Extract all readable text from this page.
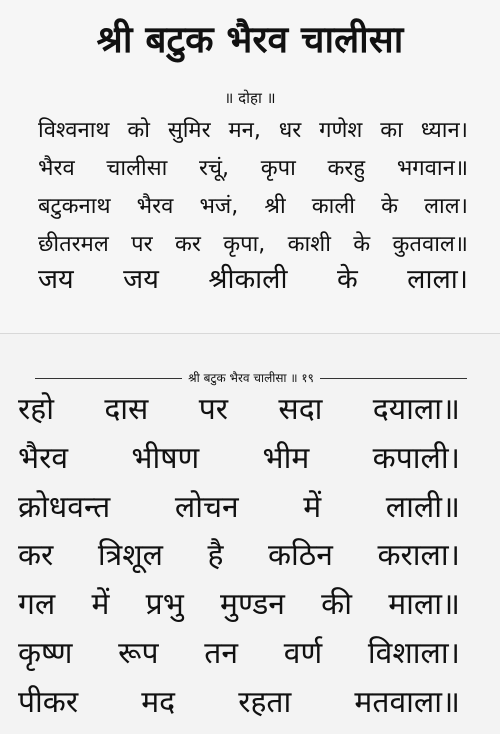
श्री बटुक भैरव चालीसा
॥ दोहा ॥
विश्वनाथ को सुमिर मन, धर गणेश का ध्यान।
भैरव चालीसा रचूं, कृपा करहु भगवान॥
बटुकनाथ भैरव भजं, श्री काली के लाल।
छीतरमल पर कर कृपा, काशी के कुतवाल॥
जय जय श्रीकाली के लाला।
श्री बटुक भैरव चालीसा ॥ १९
रहो दास पर सदा दयाला॥
भैरव भीषण भीम कपाली।
क्रोधवन्त लोचन में लाली॥
कर त्रिशूल है कठिन कराला।
गल में प्रभु मुण्डन की माला॥
कृष्ण रूप तन वर्ण विशाला।
पीकर मद रहता मतवाला॥
